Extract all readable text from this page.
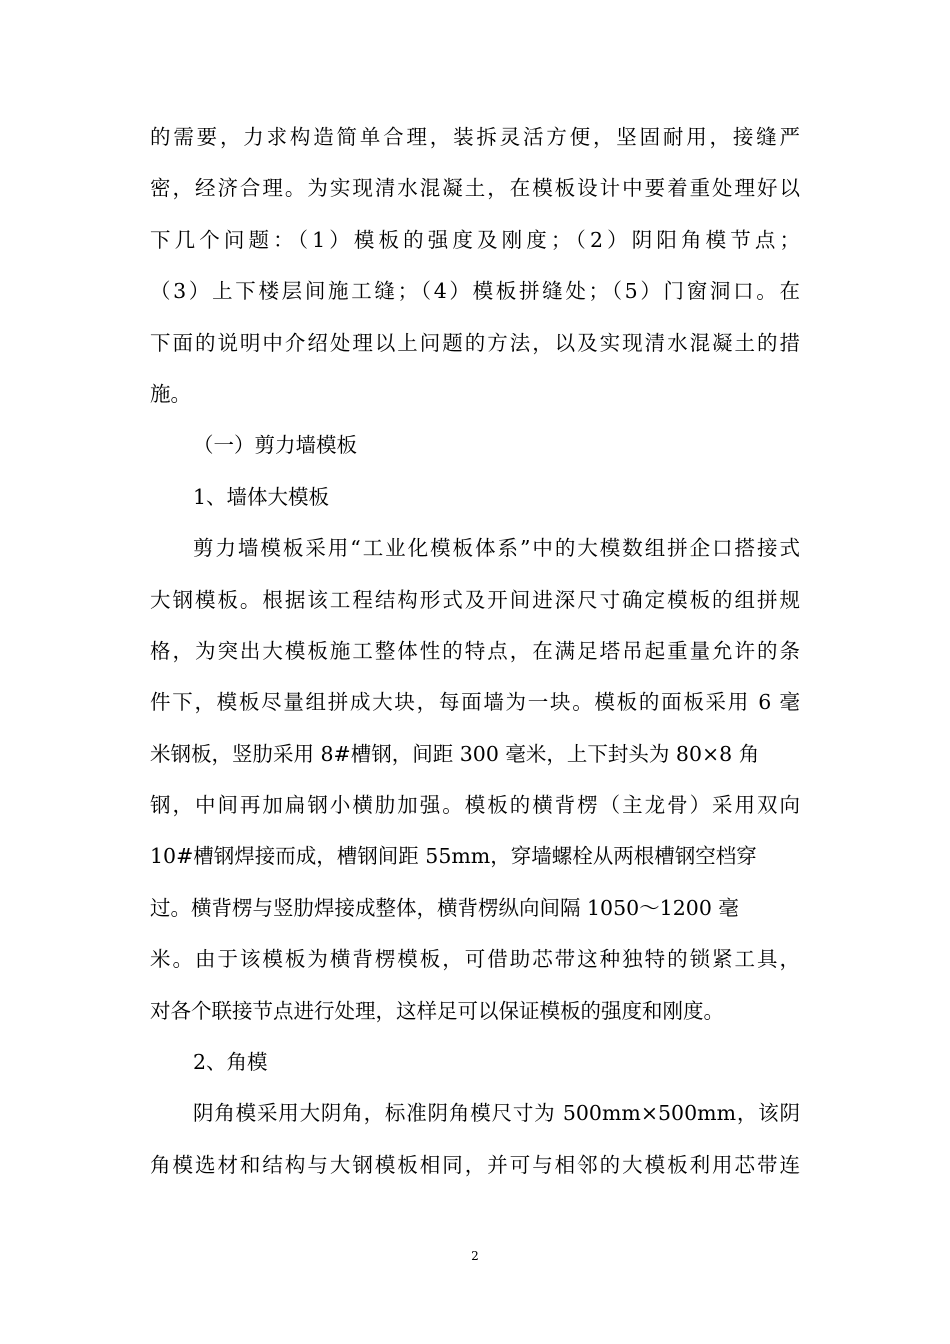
的需要，力求构造简单合理，装拆灵活方便，坚固耐用，接缝严
密，经济合理。为实现清水混凝土，在模板设计中要着重处理好以
下几个问题：（1）模板的强度及刚度；（2）阴阳角模节点；
（3）上下楼层间施工缝；（4）模板拼缝处；（5）门窗洞口。在
下面的说明中介绍处理以上问题的方法，以及实现清水混凝土的措
施。
（一）剪力墙模板
1、墙体大模板
剪力墙模板采用“工业化模板体系”中的大模数组拼企口搭接式
大钢模板。根据该工程结构形式及开间进深尺寸确定模板的组拼规
格，为突出大模板施工整体性的特点，在满足塔吊起重量允许的条
件下，模板尽量组拼成大块，每面墙为一块。模板的面板采用 6 毫
米钢板，竖肋采用 8#槽钢，间距 300 毫米，上下封头为 80×8 角
钢，中间再加扁钢小横肋加强。模板的横背楞（主龙骨）采用双向
10#槽钢焊接而成，槽钢间距 55mm，穿墙螺栓从两根槽钢空档穿
过。横背楞与竖肋焊接成整体，横背楞纵向间隔 1050～1200 毫
米。由于该模板为横背楞模板，可借助芯带这种独特的锁紧工具，
对各个联接节点进行处理，这样足可以保证模板的强度和刚度。
2、角模
阴角模采用大阴角，标准阴角模尺寸为 500mm×500mm，该阴
角模选材和结构与大钢模板相同，并可与相邻的大模板利用芯带连
2
